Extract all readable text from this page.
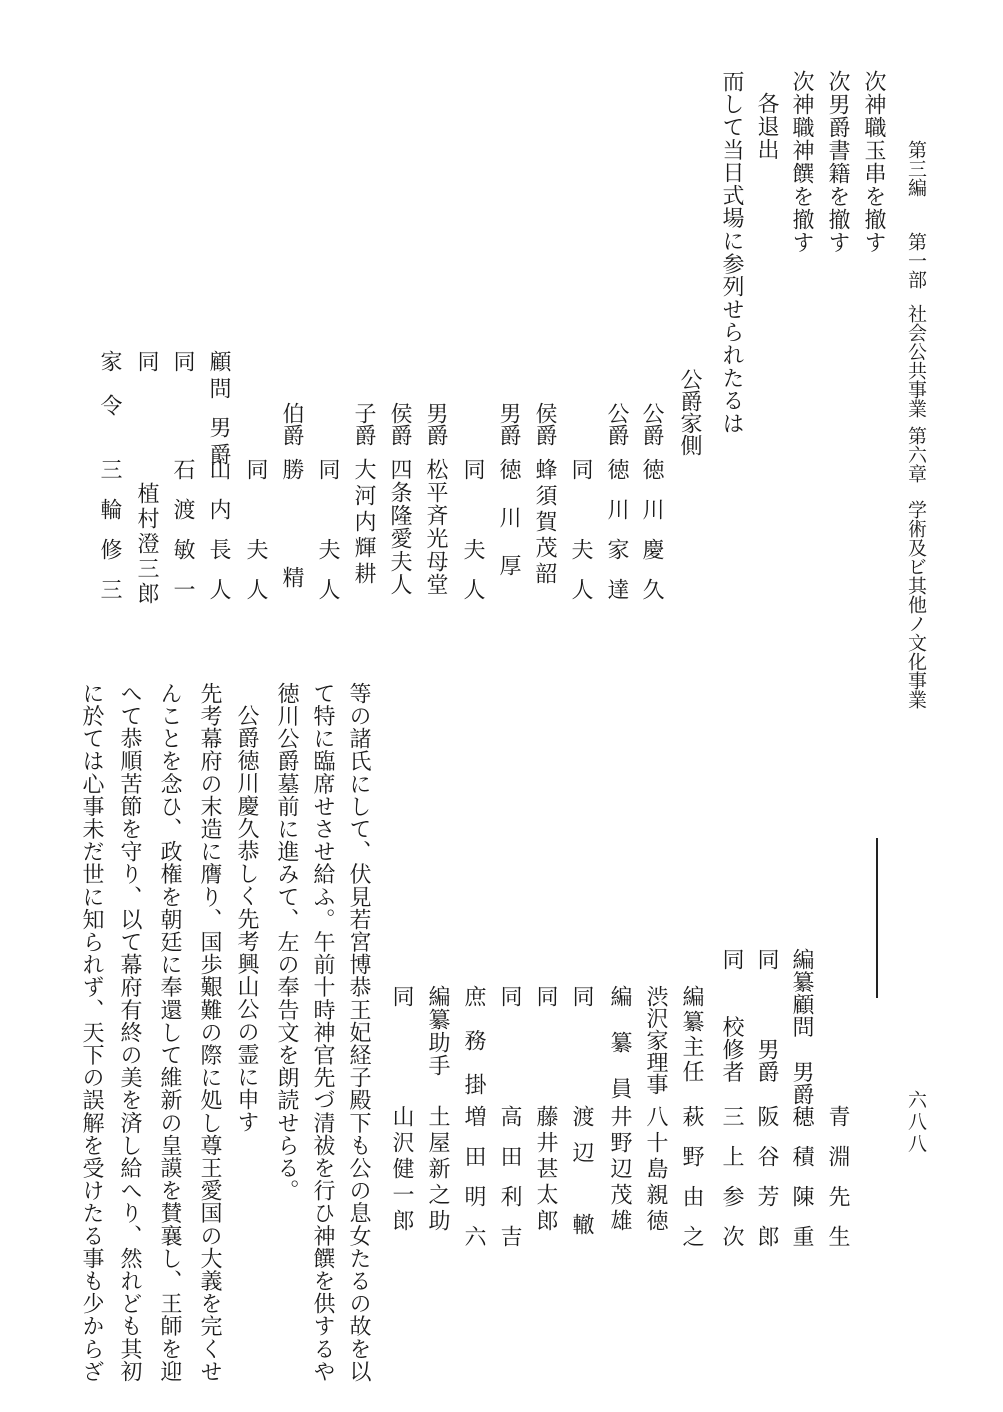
第三編
第一部
社会公共事業
第六章
学術及ビ其他ノ文化事業
六八八
次神職玉串を撤す
次男爵書籍を撤す
次神職神饌を撤す
各退出
而して当日式場に参列せられたるは
公爵家側
公爵
徳川慶久
公爵
徳川家達
同　夫人
侯爵
蜂須賀茂韶
男爵
徳川厚
同　夫人
男爵
松平斉光母堂
侯爵
四条隆愛夫人
子爵
大河内輝耕
同　夫人
伯爵
勝　　精
同　夫人
顧問 男爵
山内長人
同
石渡敏一
同
植村澄三郎
家　令
三輪修三
青淵先生
編纂顧問　男爵
穂積陳重
同　　　男爵
阪谷芳郎
同　　校修者
三上参次
編纂主任
萩野由之
渋沢家理事
八十島親徳
編　纂　員
井野辺茂雄
同
渡辺　轍
同
藤井甚太郎
同
高田利吉
庶　務　掛
増田明六
編纂助手
土屋新之助
同
山沢健一郎
等の諸氏にして、伏見若宮博恭王妃経子殿下も公の息女たるの故を以
て特に臨席せさせ給ふ。午前十時神官先づ清祓を行ひ神饌を供するや
徳川公爵墓前に進みて、左の奉告文を朗読せらる。
公爵徳川慶久恭しく先考興山公の霊に申す
先考幕府の末造に膺り、国歩艱難の際に処し尊王愛国の大義を完くせ
んことを念ひ、政権を朝廷に奉還して維新の皇謨を賛襄し、王師を迎
へて恭順苦節を守り、以て幕府有終の美を済し給へり、然れども其初
に於ては心事未だ世に知られず、天下の誤解を受けたる事も少からざ
